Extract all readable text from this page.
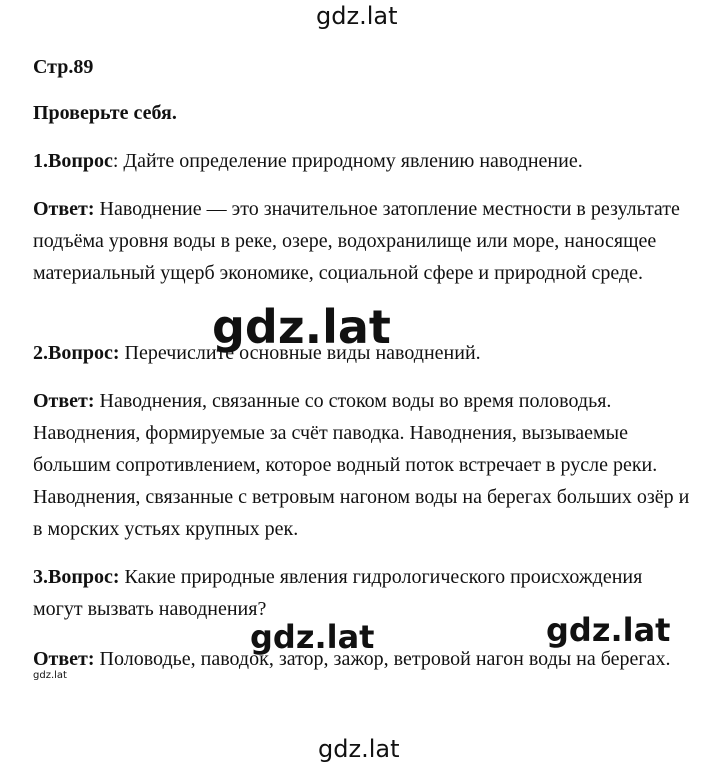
gdz.lat
Стр.89
Проверьте себя.

1.Вопрос: Дайте определение природному явлению наводнение.

Ответ: Наводнение — это значительное затопление местности в результате подъёма уровня воды в реке, озере, водохранилище или море, наносящее материальный ущерб экономике, социальной сфере и природной среде.

2.Вопрос: Перечислите основные виды наводнений.

Ответ: Наводнения, связанные со стоком воды во время половодья. Наводнения, формируемые за счёт паводка. Наводнения, вызываемые большим сопротивлением, которое водный поток встречает в русле реки. Наводнения, связанные с ветровым нагоном воды на берегах больших озёр и в морских устьях крупных рек.

3.Вопрос: Какие природные явления гидрологического происхождения могут вызвать наводнения?

Ответ: Половодье, паводок, затор, зажор, ветровой нагон воды на берегах.

gdz.lat
gdz.lat	gdz.lat
gdz.lat
gdz.lat
